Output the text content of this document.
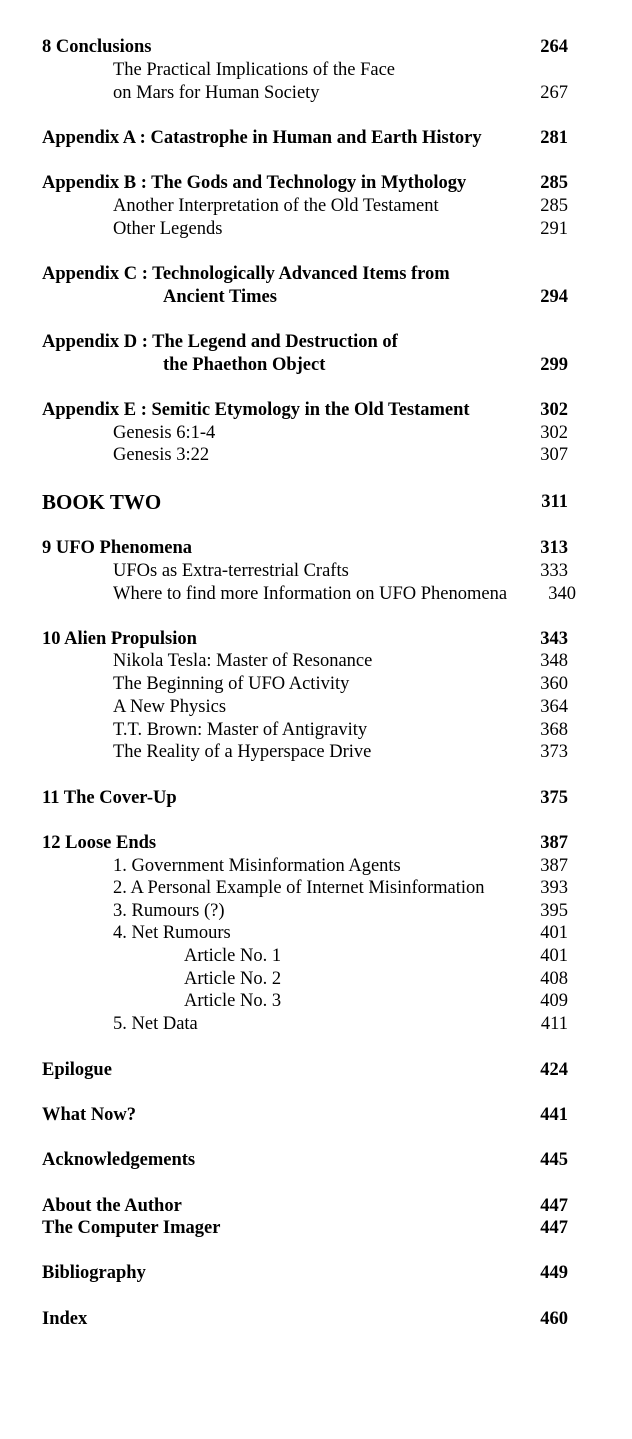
8 Conclusions	264
The Practical Implications of the Face
on Mars for Human Society	267
Appendix A : Catastrophe in Human and Earth History	281
Appendix B : The Gods and Technology in Mythology	285
Another Interpretation of the Old Testament	285
Other Legends	291
Appendix C : Technologically Advanced Items from
Ancient Times	294
Appendix D : The Legend and Destruction of
the Phaethon Object	299
Appendix E : Semitic Etymology in the Old Testament	302
Genesis 6:1-4	302
Genesis 3:22	307
BOOK TWO	311
9 UFO Phenomena	313
UFOs as Extra-terrestrial Crafts	333
Where to find more Information on UFO Phenomena 340
10 Alien Propulsion	343
Nikola Tesla: Master of Resonance	348
The Beginning of UFO Activity	360
A New Physics	364
T.T. Brown: Master of Antigravity	368
The Reality of a Hyperspace Drive	373
11 The Cover-Up	375
12 Loose Ends	387
1. Government Misinformation Agents	387
2. A Personal Example of Internet Misinformation	393
3. Rumours (?)	395
4. Net Rumours	401
Article No. 1	401
Article No. 2	408
Article No. 3	409
5. Net Data	411
Epilogue	424
What Now?	441
Acknowledgements	445
About the Author	447
The Computer Imager	447
Bibliography	449
Index	460
